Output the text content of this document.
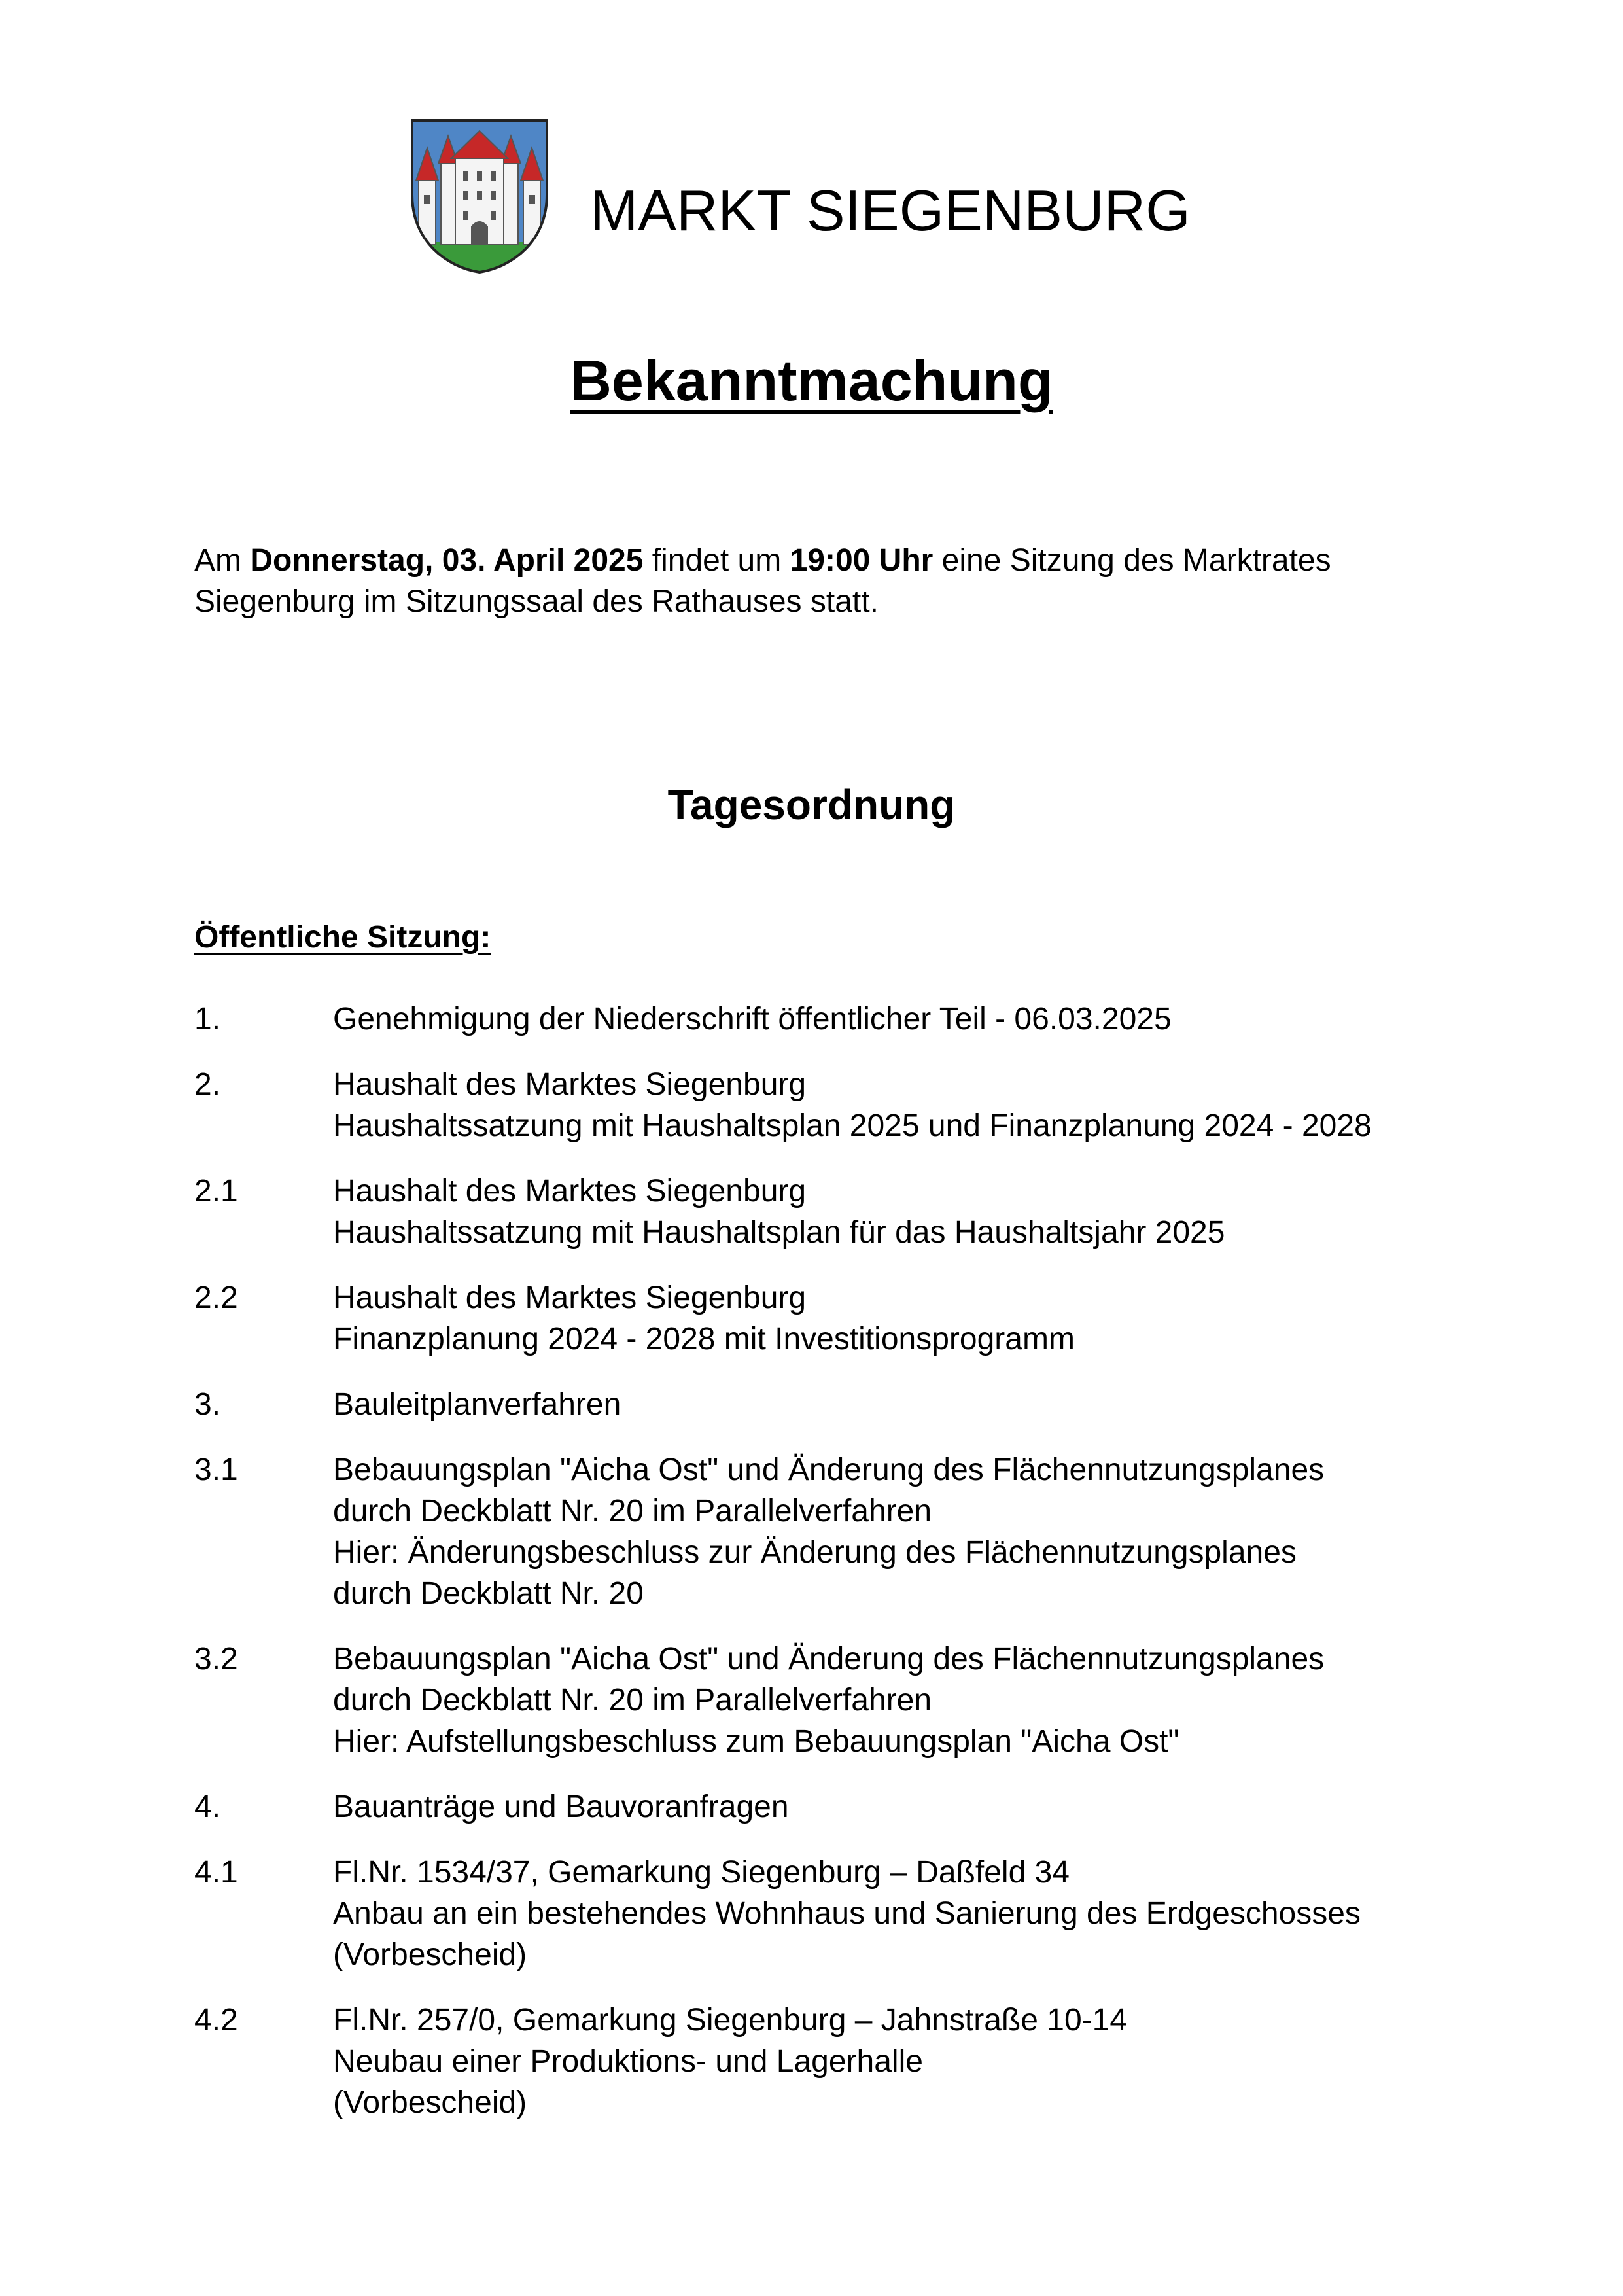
MARKT SIEGENBURG
Bekanntmachung
Am Donnerstag, 03. April 2025 findet um 19:00 Uhr eine Sitzung des Marktrates Siegenburg im Sitzungssaal des Rathauses statt.
Tagesordnung
Öffentliche Sitzung:
1.	Genehmigung der Niederschrift öffentlicher Teil - 06.03.2025
2.	Haushalt des Marktes Siegenburg
Haushaltssatzung mit Haushaltsplan 2025 und Finanzplanung 2024 - 2028
2.1	Haushalt des Marktes Siegenburg
Haushaltssatzung mit Haushaltsplan für das Haushaltsjahr 2025
2.2	Haushalt des Marktes Siegenburg
Finanzplanung 2024 - 2028 mit Investitionsprogramm
3.	Bauleitplanverfahren
3.1	Bebauungsplan "Aicha Ost" und Änderung des Flächennutzungsplanes
durch Deckblatt Nr. 20 im Parallelverfahren
Hier: Änderungsbeschluss zur Änderung des Flächennutzungsplanes
durch Deckblatt Nr. 20
3.2	Bebauungsplan "Aicha Ost" und Änderung des Flächennutzungsplanes
durch Deckblatt Nr. 20 im Parallelverfahren
Hier: Aufstellungsbeschluss zum Bebauungsplan "Aicha Ost"
4.	Bauanträge und Bauvoranfragen
4.1	Fl.Nr. 1534/37, Gemarkung Siegenburg – Daßfeld 34
Anbau an ein bestehendes Wohnhaus und Sanierung des Erdgeschosses
(Vorbescheid)
4.2	Fl.Nr. 257/0, Gemarkung Siegenburg – Jahnstraße 10-14
Neubau einer Produktions- und Lagerhalle
(Vorbescheid)
